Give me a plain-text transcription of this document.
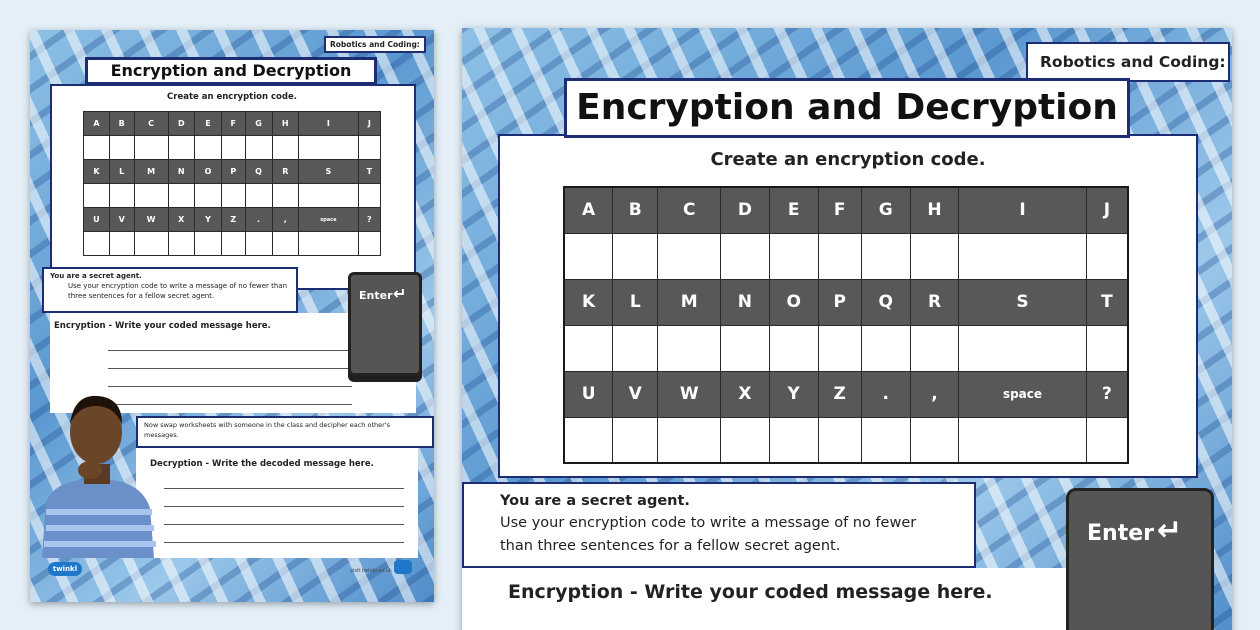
Robotics and Coding:
Encryption and Decryption
Create an encryption code.
A	B	C	D	E	F	G	H	I	J

K	L	M	N	O	P	Q	R	S	T

U	V	W	X	Y	Z	.	,	space	?

You are a secret agent.
Use your encryption code to write a message of no fewer than three sentences for a fellow secret agent.
Encryption - Write your coded message here.
Enter ↵
Now swap worksheets with someone in the class and decipher each other's messages.
Decryption - Write the decoded message here.
twinkl	visit twinkl.co.uk
Robotics and Coding:
Encryption and Decryption
Create an encryption code.
A	B	C	D	E	F	G	H	I	J

K	L	M	N	O	P	Q	R	S	T

U	V	W	X	Y	Z	.	,	space	?

You are a secret agent.
Use your encryption code to write a message of no fewer than three sentences for a fellow secret agent.
Encryption - Write your coded message here.
Enter ↵
